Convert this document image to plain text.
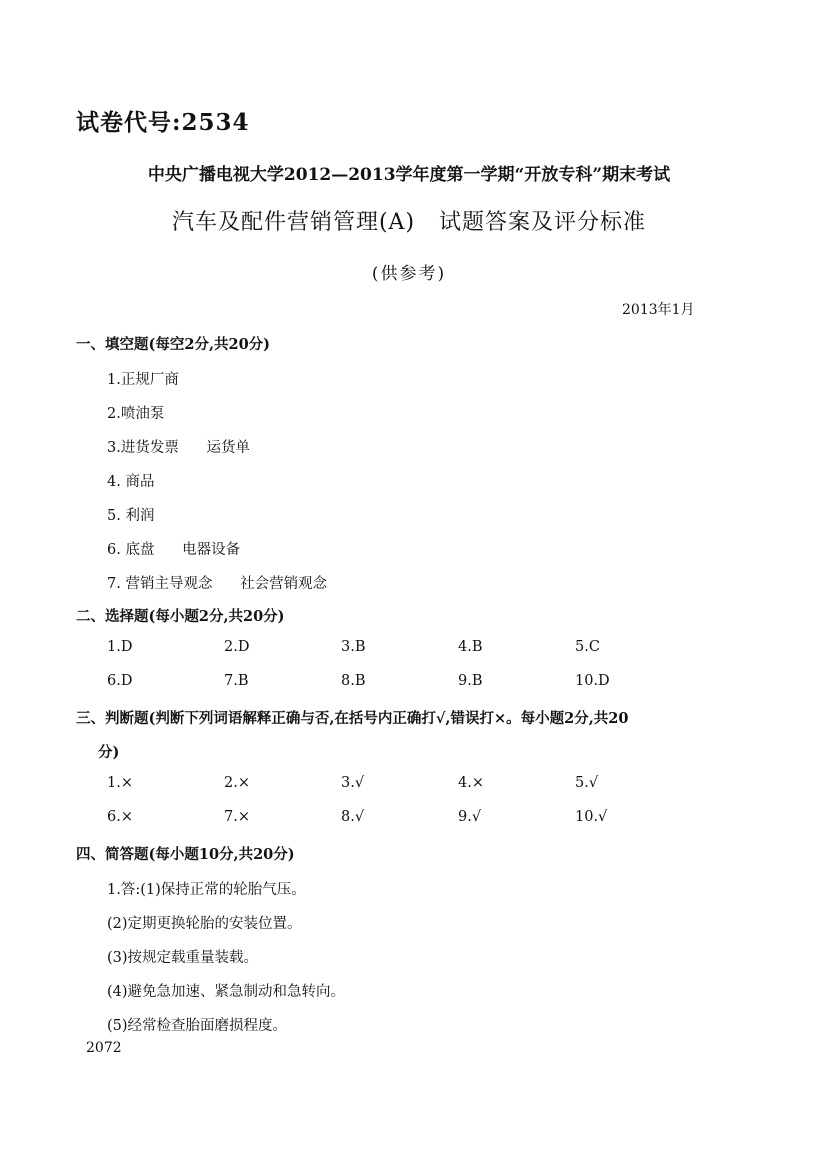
试卷代号:2534
中央广播电视大学2012—2013学年度第一学期“开放专科”期末考试
汽车及配件营销管理(A)   试题答案及评分标准
(供参考)
2013年1月
一、填空题(每空2分,共20分)
1.正规厂商
2.喷油泵
3.进货发票      运货单
4. 商品
5. 利润
6. 底盘      电器设备
7. 营销主导观念      社会营销观念
二、选择题(每小题2分,共20分)
1.D	2.D	3.B	4.B	5.C
6.D	7.B	8.B	9.B	10.D
三、判断题(判断下列词语解释正确与否,在括号内正确打√,错误打×。每小题2分,共20
分)
1.×	2.×	3.√	4.×	5.√
6.×	7.×	8.√	9.√	10.√
四、简答题(每小题10分,共20分)
1.答:(1)保持正常的轮胎气压。
(2)定期更换轮胎的安装位置。
(3)按规定载重量装载。
(4)避免急加速、紧急制动和急转向。
(5)经常检查胎面磨损程度。
2072
